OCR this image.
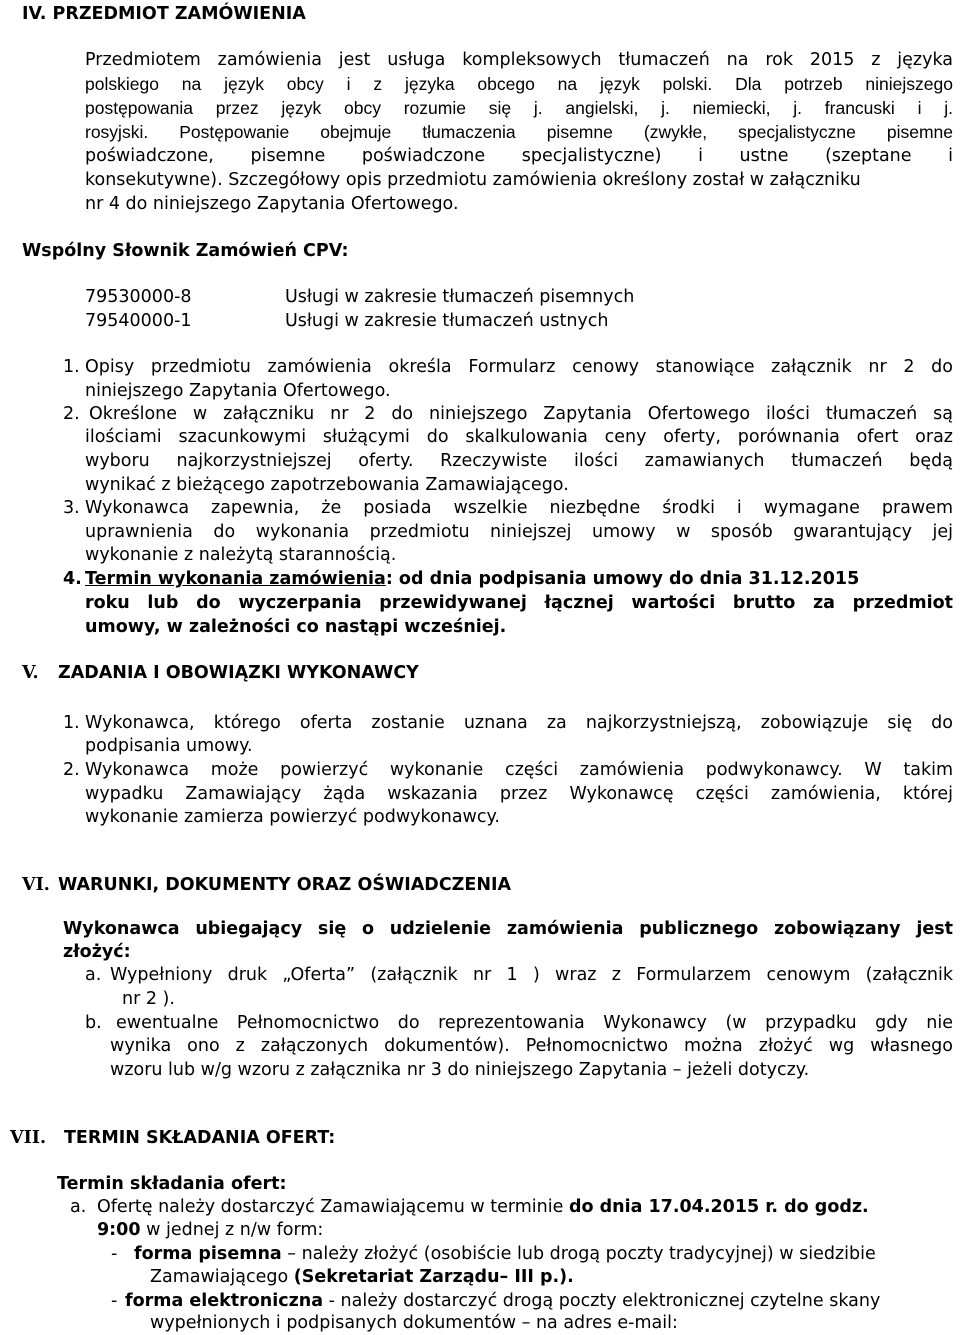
IV. PRZEDMIOT ZAMÓWIENIA
Przedmiotem zamówienia jest usługa kompleksowych tłumaczeń na rok 2015 z języka
polskiego na język obcy i z języka obcego na język polski. Dla potrzeb niniejszego
postępowania przez język obcy rozumie się j. angielski, j. niemiecki, j. francuski i j.
rosyjski. Postępowanie obejmuje tłumaczenia pisemne (zwykłe, specjalistyczne pisemne
poświadczone, pisemne poświadczone specjalistyczne) i ustne (szeptane i
konsekutywne). Szczegółowy opis przedmiotu zamówienia określony został w załączniku
nr 4 do niniejszego Zapytania Ofertowego.
Wspólny Słownik Zamówień CPV:
79530000-8	Usługi w zakresie tłumaczeń pisemnych
79540000-1	Usługi w zakresie tłumaczeń ustnych
1. Opisy przedmiotu zamówienia określa Formularz cenowy stanowiące załącznik nr 2 do
niniejszego Zapytania Ofertowego.
2. Określone w załączniku nr 2 do niniejszego Zapytania Ofertowego ilości tłumaczeń są
ilościami szacunkowymi służącymi do skalkulowania ceny oferty, porównania ofert oraz
wyboru najkorzystniejszej oferty. Rzeczywiste ilości zamawianych tłumaczeń będą
wynikać z bieżącego zapotrzebowania Zamawiającego.
3. Wykonawca zapewnia, że posiada wszelkie niezbędne środki i wymagane prawem
uprawnienia do wykonania przedmiotu niniejszej umowy w sposób gwarantujący jej
wykonanie z należytą starannością.
4. Termin wykonania zamówienia: od dnia podpisania umowy do dnia 31.12.2015
roku lub do wyczerpania przewidywanej łącznej wartości brutto za przedmiot
umowy, w zależności co nastąpi wcześniej.
V. ZADANIA I OBOWIĄZKI WYKONAWCY
1. Wykonawca, którego oferta zostanie uznana za najkorzystniejszą, zobowiązuje się do
podpisania umowy.
2. Wykonawca może powierzyć wykonanie części zamówienia podwykonawcy. W takim
wypadku Zamawiający żąda wskazania przez Wykonawcę części zamówienia, której
wykonanie zamierza powierzyć podwykonawcy.
VI. WARUNKI, DOKUMENTY ORAZ OŚWIADCZENIA
Wykonawca ubiegający się o udzielenie zamówienia publicznego zobowiązany jest
złożyć:
a. Wypełniony druk „Oferta” (załącznik nr 1 ) wraz z Formularzem cenowym (załącznik
nr 2 ).
b. ewentualne Pełnomocnictwo do reprezentowania Wykonawcy (w przypadku gdy nie
wynika ono z załączonych dokumentów). Pełnomocnictwo można złożyć wg własnego
wzoru lub w/g wzoru z załącznika nr 3 do niniejszego Zapytania – jeżeli dotyczy.
VII. TERMIN SKŁADANIA OFERT:
Termin składania ofert:
a. Ofertę należy dostarczyć Zamawiającemu w terminie do dnia 17.04.2015 r. do godz.
9:00 w jednej z n/w form:
- forma pisemna – należy złożyć (osobiście lub drogą poczty tradycyjnej) w siedzibie
Zamawiającego (Sekretariat Zarządu– III p.).
- forma elektroniczna - należy dostarczyć drogą poczty elektronicznej czytelne skany
wypełnionych i podpisanych dokumentów – na adres e-mail:
